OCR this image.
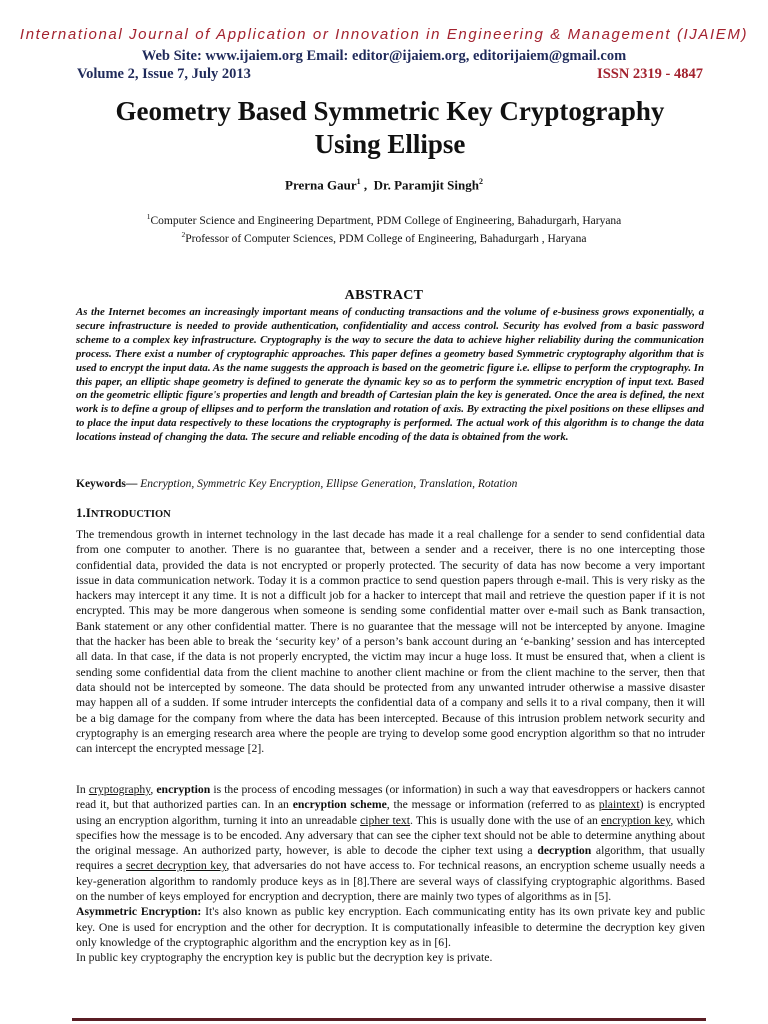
International Journal of Application or Innovation in Engineering & Management (IJAIEM)
Web Site: www.ijaiem.org Email: editor@ijaiem.org, editorijaiem@gmail.com
Volume 2, Issue 7, July 2013	ISSN 2319 - 4847
Geometry Based Symmetric Key Cryptography
Using Ellipse
Prerna Gaur$^1$ ,  Dr. Paramjit Singh$^2$
$^1$Computer Science and Engineering Department, PDM College of Engineering, Bahadurgarh, Haryana
$^2$Professor of Computer Sciences, PDM College of Engineering, Bahadurgarh , Haryana
ABSTRACT

As the Internet becomes an increasingly important means of conducting transactions and the volume of e-business grows exponentially, a secure infrastructure is needed to provide authentication, confidentiality and access control. Security has evolved from a basic password scheme to a complex key infrastructure. Cryptography is the way to secure the data to achieve higher reliability during the communication process. There exist a number of cryptographic approaches. This paper defines a geometry based Symmetric cryptography algorithm that is used to encrypt the input data. As the name suggests the approach is based on the geometric figure i.e. ellipse to perform the cryptography. In this paper, an elliptic shape geometry is defined to generate the dynamic key so as to perform the symmetric encryption of input text. Based on the geometric elliptic figure's properties and length and breadth of Cartesian plain the key is generated. Once the area is defined, the next work is to define a group of ellipses and to perform the translation and rotation of axis. By extracting the pixel positions on these ellipses and to place the input data respectively to these locations the cryptography is performed. The actual work of this algorithm is to change the data locations instead of changing the data. The secure and reliable encoding of the data is obtained from the work.

Keywords— Encryption, Symmetric Key Encryption, Ellipse Generation, Translation, Rotation
1.INTRODUCTION

The tremendous growth in internet technology in the last decade has made it a real challenge for a sender to send confidential data from one computer to another. There is no guarantee that, between a sender and a receiver, there is no one intercepting those confidential data, provided the data is not encrypted or properly protected. The security of data has now become a very important issue in data communication network. Today it is a common practice to send question papers through e-mail. This is very risky as the hackers may intercept it any time. It is not a difficult job for a hacker to intercept that mail and retrieve the question paper if it is not encrypted. This may be more dangerous when someone is sending some confidential matter over e-mail such as Bank transaction, Bank statement or any other confidential matter. There is no guarantee that the message will not be intercepted by anyone. Imagine that the hacker has been able to break the ‘security key’ of a person’s bank account during an ‘e-banking’ session and has intercepted all data. In that case, if the data is not properly encrypted, the victim may incur a huge loss. It must be ensured that, when a client is sending some confidential data from the client machine to another client machine or from the client machine to the server, then that data should not be intercepted by someone. The data should be protected from any unwanted intruder otherwise a massive disaster may happen all of a sudden. If some intruder intercepts the confidential data of a company and sells it to a rival company, then it will be a big damage for the company from where the data has been intercepted. Because of this intrusion problem network security and cryptography is an emerging research area where the people are trying to develop some good encryption algorithm so that no intruder can intercept the encrypted message [2].

In cryptography, encryption is the process of encoding messages (or information) in such a way that eavesdroppers or hackers cannot read it, but that authorized parties can. In an encryption scheme, the message or information (referred to as plaintext) is encrypted using an encryption algorithm, turning it into an unreadable cipher text. This is usually done with the use of an encryption key, which specifies how the message is to be encoded. Any adversary that can see the cipher text should not be able to determine anything about the original message. An authorized party, however, is able to decode the cipher text using a decryption algorithm, that usually requires a secret decryption key, that adversaries do not have access to. For technical reasons, an encryption scheme usually needs a key-generation algorithm to randomly produce keys as in [8].There are several ways of classifying cryptographic algorithms. Based on the number of keys employed for encryption and decryption, there are mainly two types of algorithms as in [5].
Asymmetric Encryption: It's also known as public key encryption. Each communicating entity has its own private key and public key. One is used for encryption and the other for decryption. It is computationally infeasible to determine the decryption key given only knowledge of the cryptographic algorithm and the encryption key as in [6].
In public key cryptography the encryption key is public but the decryption key is private.
